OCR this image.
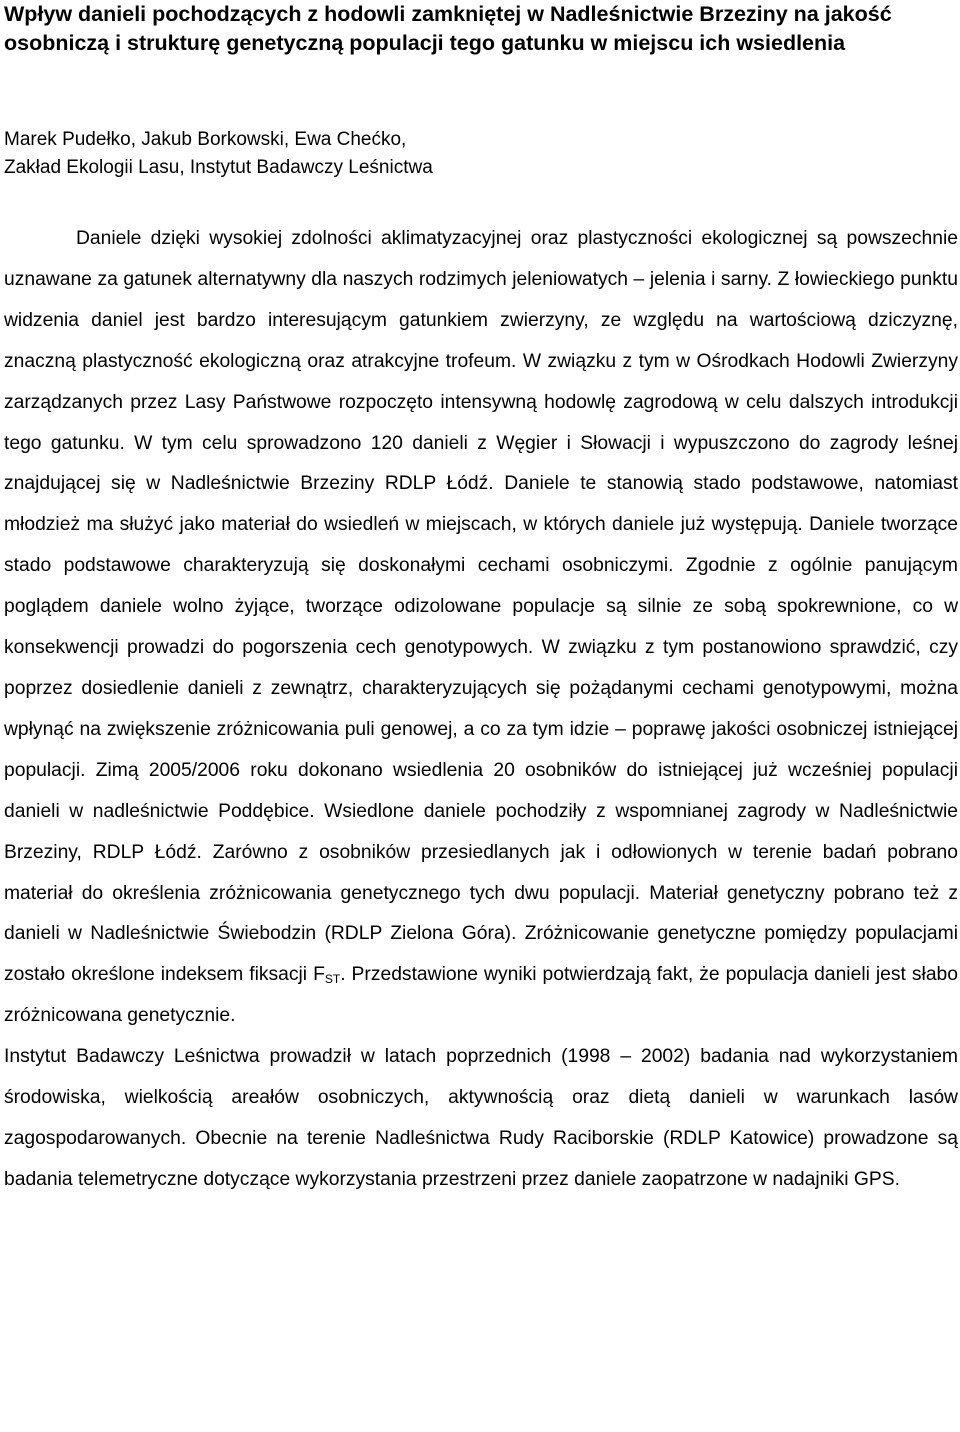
Wpływ danieli pochodzących z hodowli zamkniętej w Nadleśnictwie Brzeziny na jakość osobniczą i strukturę genetyczną populacji tego gatunku w miejscu ich wsiedlenia
Marek Pudełko, Jakub Borkowski, Ewa Chećko,
Zakład Ekologii Lasu, Instytut Badawczy Leśnictwa
Daniele dzięki wysokiej zdolności aklimatyzacyjnej oraz plastyczności ekologicznej są powszechnie uznawane za gatunek alternatywny dla naszych rodzimych jeleniowatych – jelenia i sarny. Z łowieckiego punktu widzenia daniel jest bardzo interesującym gatunkiem zwierzyny, ze względu na wartościową dziczyznę, znaczną plastyczność ekologiczną oraz atrakcyjne trofeum. W związku z tym w Ośrodkach Hodowli Zwierzyny zarządzanych przez Lasy Państwowe rozpoczęto intensywną hodowlę zagrodową w celu dalszych introdukcji tego gatunku. W tym celu sprowadzono 120 danieli z Węgier i Słowacji i wypuszczono do zagrody leśnej znajdującej się w Nadleśnictwie Brzeziny RDLP Łódź. Daniele te stanowią stado podstawowe, natomiast młodzież ma służyć jako materiał do wsiedleń w miejscach, w których daniele już występują. Daniele tworzące stado podstawowe charakteryzują się doskonałymi cechami osobniczymi. Zgodnie z ogólnie panującym poglądem daniele wolno żyjące, tworzące odizolowane populacje są silnie ze sobą spokrewnione, co w konsekwencji prowadzi do pogorszenia cech genotypowych. W związku z tym postanowiono sprawdzić, czy poprzez dosiedlenie danieli z zewnątrz, charakteryzujących się pożądanymi cechami genotypowymi, można wpłynąć na zwiększenie zróżnicowania puli genowej, a co za tym idzie – poprawę jakości osobniczej istniejącej populacji. Zimą 2005/2006 roku dokonano wsiedlenia 20 osobników do istniejącej już wcześniej populacji danieli w nadleśnictwie Poddębice. Wsiedlone daniele pochodziły z wspomnianej zagrody w Nadleśnictwie Brzeziny, RDLP Łódź. Zarówno z osobników przesiedlanych jak i odłowionych w terenie badań pobrano materiał do określenia zróżnicowania genetycznego tych dwu populacji. Materiał genetyczny pobrano też z danieli w Nadleśnictwie Świebodzin (RDLP Zielona Góra). Zróżnicowanie genetyczne pomiędzy populacjami zostało określone indeksem fiksacji $F_{ST}$. Przedstawione wyniki potwierdzają fakt, że populacja danieli jest słabo zróżnicowana genetycznie.
Instytut Badawczy Leśnictwa prowadził w latach poprzednich (1998 – 2002) badania nad wykorzystaniem środowiska, wielkością areałów osobniczych, aktywnością oraz dietą danieli w warunkach lasów zagospodarowanych. Obecnie na terenie Nadleśnictwa Rudy Raciborskie (RDLP Katowice) prowadzone są badania telemetryczne dotyczące wykorzystania przestrzeni przez daniele zaopatrzone w nadajniki GPS.
